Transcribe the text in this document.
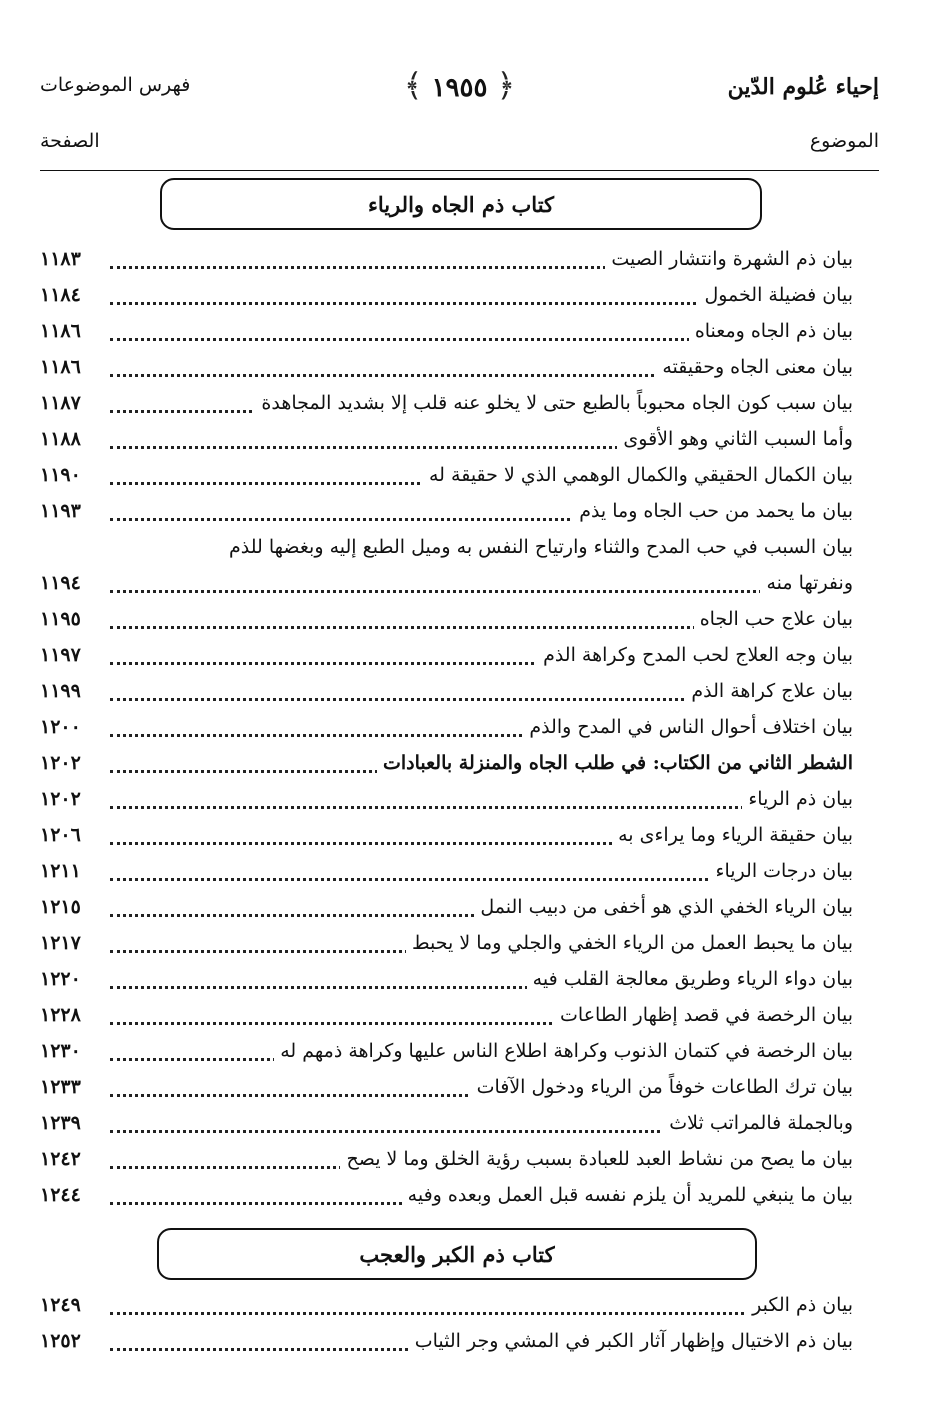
إحياء عُلوم الدّين
﴿ ١٩٥٥ ﴾
فهرس الموضوعات
الموضوع
الصفحة
كتاب ذم الجاه والرياء
بيان ذم الشهرة وانتشار الصيت
١١٨٣
بيان فضيلة الخمول
١١٨٤
بيان ذم الجاه ومعناه
١١٨٦
بيان معنى الجاه وحقيقته
١١٨٦
بيان سبب كون الجاه محبوباً بالطبع حتى لا يخلو عنه قلب إلا بشديد المجاهدة
١١٨٧
وأما السبب الثاني وهو الأقوى
١١٨٨
بيان الكمال الحقيقي والكمال الوهمي الذي لا حقيقة له
١١٩٠
بيان ما يحمد من حب الجاه وما يذم
١١٩٣
بيان السبب في حب المدح والثناء وارتياح النفس به وميل الطبع إليه وبغضها للذم
ونفرتها منه
١١٩٤
بيان علاج حب الجاه
١١٩٥
بيان وجه العلاج لحب المدح وكراهة الذم
١١٩٧
بيان علاج كراهة الذم
١١٩٩
بيان اختلاف أحوال الناس في المدح والذم
١٢٠٠
الشطر الثاني من الكتاب: في طلب الجاه والمنزلة بالعبادات
١٢٠٢
بيان ذم الرياء
١٢٠٢
بيان حقيقة الرياء وما يراءى به
١٢٠٦
بيان درجات الرياء
١٢١١
بيان الرياء الخفي الذي هو أخفى من دبيب النمل
١٢١٥
بيان ما يحبط العمل من الرياء الخفي والجلي وما لا يحبط
١٢١٧
بيان دواء الرياء وطريق معالجة القلب فيه
١٢٢٠
بيان الرخصة في قصد إظهار الطاعات
١٢٢٨
بيان الرخصة في كتمان الذنوب وكراهة اطلاع الناس عليها وكراهة ذمهم له
١٢٣٠
بيان ترك الطاعات خوفاً من الرياء ودخول الآفات
١٢٣٣
وبالجملة فالمراتب ثلاث
١٢٣٩
بيان ما يصح من نشاط العبد للعبادة بسبب رؤية الخلق وما لا يصح
١٢٤٢
بيان ما ينبغي للمريد أن يلزم نفسه قبل العمل وبعده وفيه
١٢٤٤
كتاب ذم الكبر والعجب
بيان ذم الكبر
١٢٤٩
بيان ذم الاختيال وإظهار آثار الكبر في المشي وجر الثياب
١٢٥٢
